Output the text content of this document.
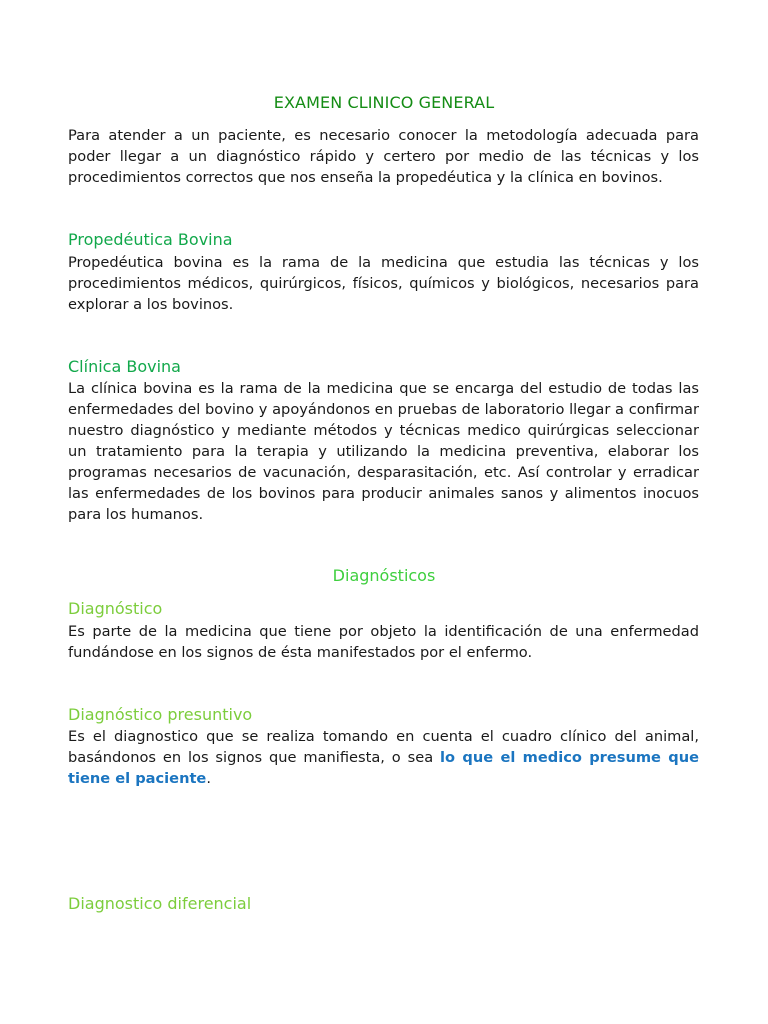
EXAMEN CLINICO GENERAL
Para atender a un paciente, es necesario conocer la metodología adecuada para poder llegar a un diagnóstico rápido y certero por medio de las técnicas y los procedimientos correctos que nos enseña la propedéutica y la clínica en bovinos.
Propedéutica Bovina
Propedéutica bovina es la rama de la medicina que estudia las técnicas y los procedimientos médicos, quirúrgicos, físicos, químicos y biológicos, necesarios para explorar a los bovinos.
Clínica Bovina
La clínica bovina es la rama de la medicina que se encarga del estudio de todas las enfermedades del bovino y apoyándonos en pruebas de laboratorio llegar a confirmar nuestro diagnóstico y mediante métodos y técnicas medico quirúrgicas seleccionar un tratamiento para la terapia y utilizando la medicina preventiva, elaborar los programas necesarios de vacunación, desparasitación, etc. Así controlar y erradicar las enfermedades de los bovinos para producir animales sanos y alimentos inocuos para los humanos.
Diagnósticos
Diagnóstico
Es parte de la medicina que tiene por objeto la identificación de una enfermedad fundándose en los signos de ésta manifestados por el enfermo.
Diagnóstico presuntivo
Es el diagnostico que se realiza tomando en cuenta el cuadro clínico del animal, basándonos en los signos que manifiesta, o sea lo que el medico presume que tiene el paciente.
Diagnostico diferencial
